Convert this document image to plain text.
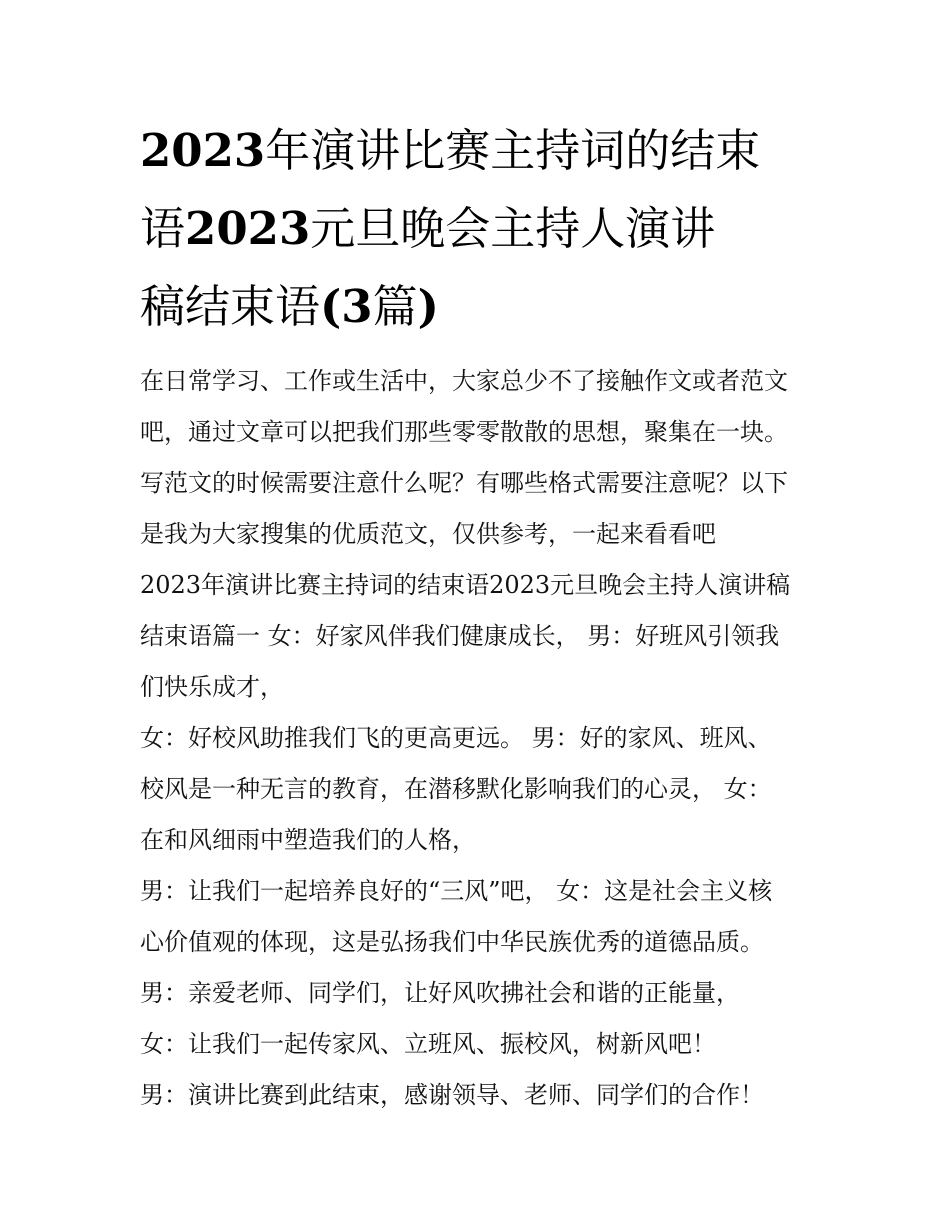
2023年演讲比赛主持词的结束
语2023元旦晚会主持人演讲
稿结束语(3篇)

在日常学习、工作或生活中，大家总少不了接触作文或者范文
吧，通过文章可以把我们那些零零散散的思想，聚集在一块。
写范文的时候需要注意什么呢？有哪些格式需要注意呢？以下
是我为大家搜集的优质范文，仅供参考，一起来看看吧

2023年演讲比赛主持词的结束语2023元旦晚会主持人演讲稿
结束语篇一 女：好家风伴我们健康成长， 男：好班风引领我
们快乐成才，

女：好校风助推我们飞的更高更远。 男：好的家风、班风、
校风是一种无言的教育，在潜移默化影响我们的心灵， 女：
在和风细雨中塑造我们的人格，

男：让我们一起培养良好的“三风”吧， 女：这是社会主义核
心价值观的体现，这是弘扬我们中华民族优秀的道德品质。

男：亲爱老师、同学们，让好风吹拂社会和谐的正能量，

女：让我们一起传家风、立班风、振校风，树新风吧！

男：演讲比赛到此结束，感谢领导、老师、同学们的合作！
